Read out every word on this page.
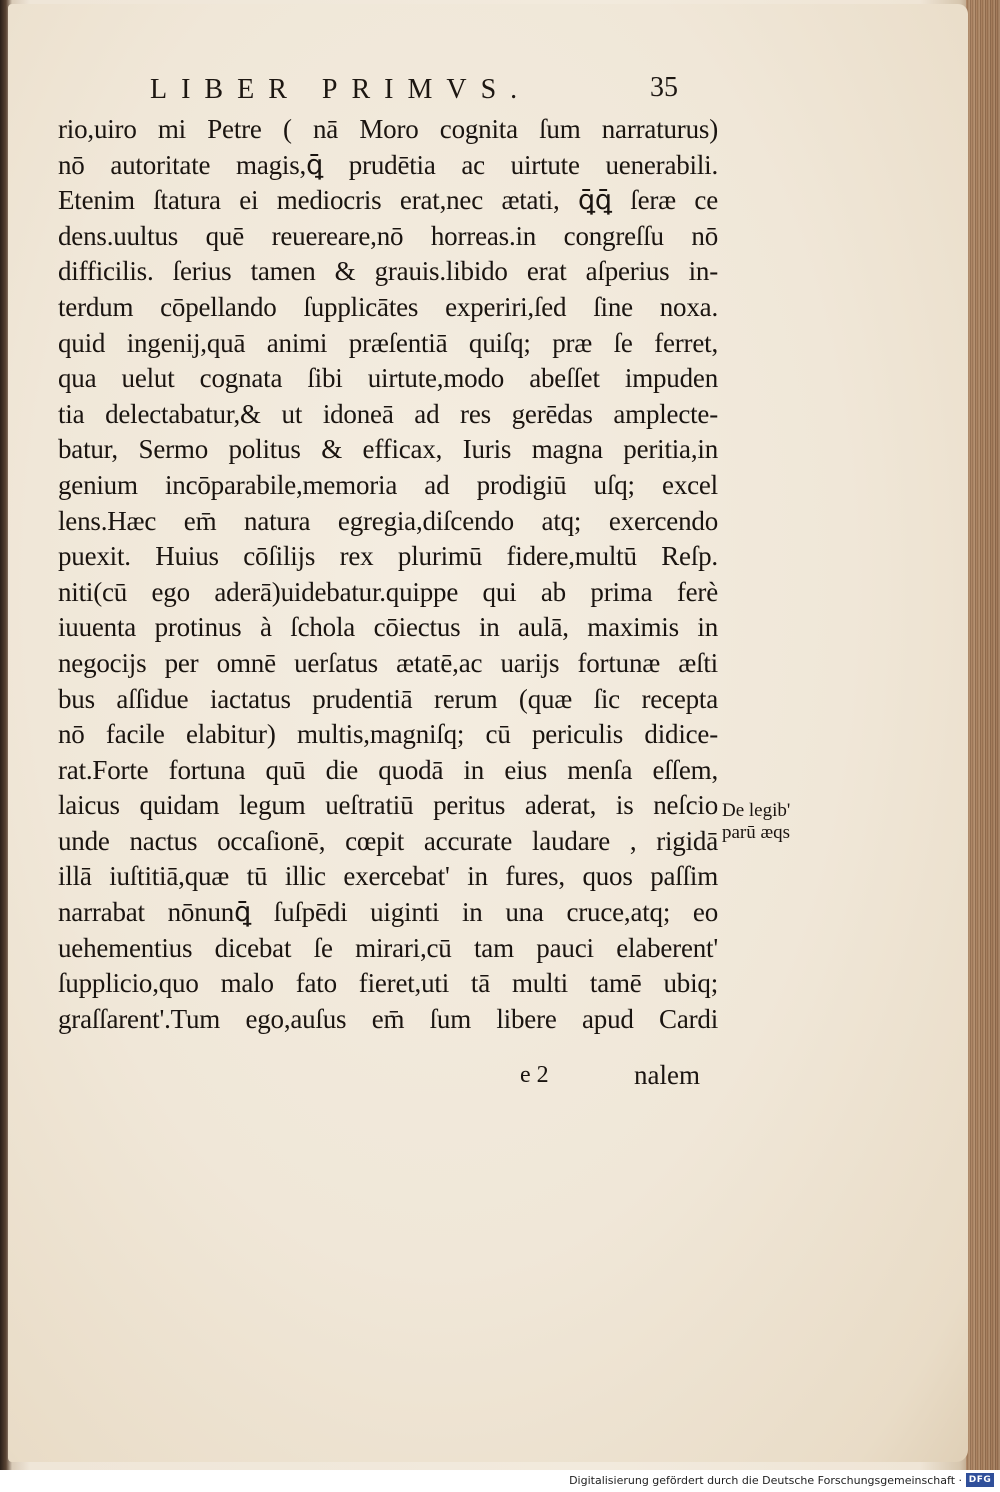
LIBER PRIMVS.	35
rio,uiro mi Petre ( nā Moro cognita ſum narraturus)
nō autoritate magis,ꝗ̄ prudētia ac uirtute uenerabili.
Etenim ſtatura ei mediocris erat,nec ætati, ꝗ̄ꝗ̄ ſeræ ce
dens.uultus quē reuereare,nō horreas.in congreſſu nō
difficilis. ſerius tamen & grauis.libido erat aſperius in-
terdum cōpellando ſupplicātes experiri,ſed ſine noxa.
quid ingenij,quā animi præſentiā quiſq; præ ſe ferret,
qua uelut cognata ſibi uirtute,modo abeſſet impuden
tia delectabatur,& ut idoneā ad res gerēdas amplecte-
batur, Sermo politus & efficax, Iuris magna peritia,in
genium incōparabile,memoria ad prodigiū uſq; excel
lens.Hæc em̄ natura egregia,diſcendo atq; exercendo
puexit. Huius cōſilijs rex plurimū fidere,multū Reſp.
niti(cū ego aderā)uidebatur.quippe qui ab prima ferè
iuuenta protinus à ſchola cōiectus in aulā, maximis in
negocijs per omnē uerſatus ætatē,ac uarijs fortunæ æſti
bus aſſidue iactatus prudentiā rerum (quæ ſic recepta
nō facile elabitur) multis,magniſq; cū periculis didice-
rat.Forte fortuna quū die quodā in eius menſa eſſem,
laicus quidam legum ueſtratiū peritus aderat, is neſcio
unde nactus occaſionē, cœpit accurate laudare , rigidā
illā iuſtitiā,quæ tū illic exercebat' in fures, quos paſſim
narrabat nōnunꝗ̄ ſuſpēdi uiginti in una cruce,atq; eo
uehementius dicebat ſe mirari,cū tam pauci elaberent'
ſupplicio,quo malo fato fieret,uti tā multi tamē ubiq;
graſſarent'.Tum ego,auſus em̄ ſum libere apud Cardi
De legib'
parū æqs
e 2	nalem
Digitalisierung gefördert durch die Deutsche Forschungsgemeinschaft · DFG
